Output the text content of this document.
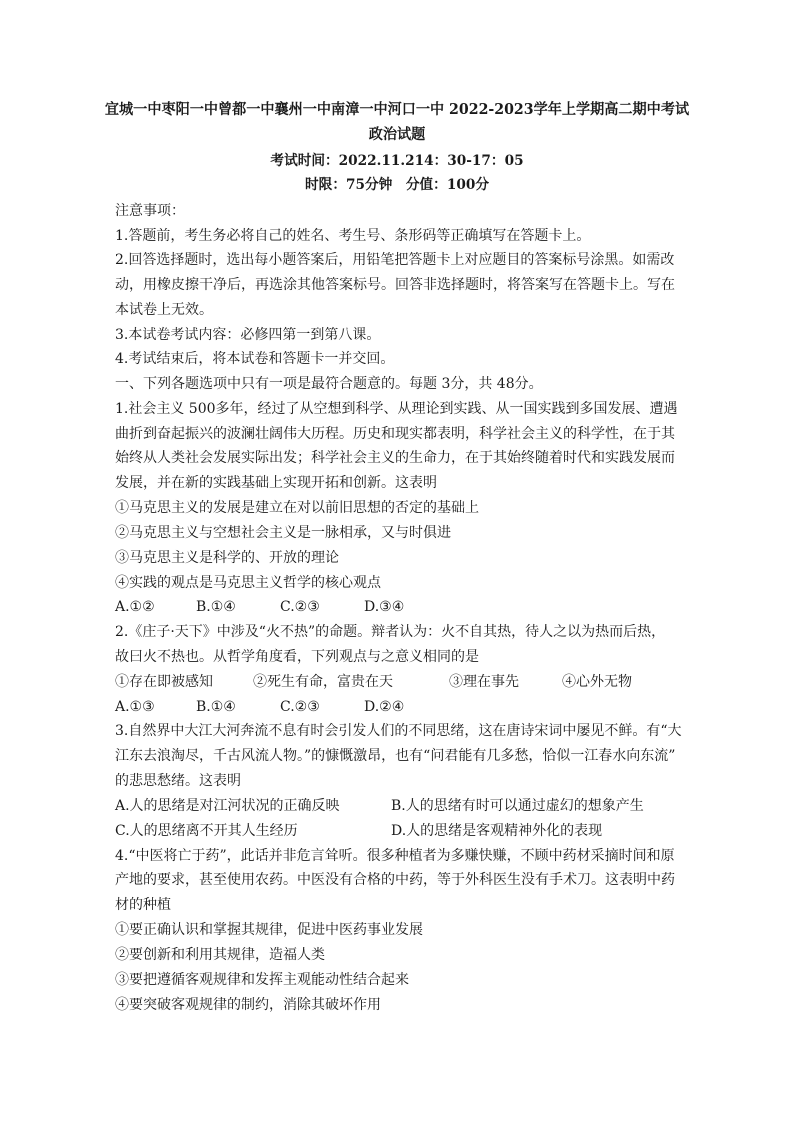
宜城一中枣阳一中曾都一中襄州一中南漳一中河口一中 2022-2023学年上学期高二期中考试
政治试题
考试时间：2022.11.214：30-17：05
时限：75分钟　分值：100分
注意事项：
1.答题前，考生务必将自己的姓名、考生号、条形码等正确填写在答题卡上。
2.回答选择题时，选出每小题答案后，用铅笔把答题卡上对应题目的答案标号涂黑。如需改
动，用橡皮擦干净后，再选涂其他答案标号。回答非选择题时，将答案写在答题卡上。写在
本试卷上无效。
3.本试卷考试内容：必修四第一到第八课。
4.考试结束后，将本试卷和答题卡一并交回。
一、下列各题选项中只有一项是最符合题意的。每题 3分，共 48分。
1.社会主义 500多年，经过了从空想到科学、从理论到实践、从一国实践到多国发展、遭遇
曲折到奋起振兴的波澜壮阔伟大历程。历史和现实都表明，科学社会主义的科学性，在于其
始终从人类社会发展实际出发；科学社会主义的生命力，在于其始终随着时代和实践发展而
发展，并在新的实践基础上实现开拓和创新。这表明
①马克思主义的发展是建立在对以前旧思想的否定的基础上
②马克思主义与空想社会主义是一脉相承，又与时俱进
③马克思主义是科学的、开放的理论
④实践的观点是马克思主义哲学的核心观点
A.①②	B.①④	C.②③	D.③④
2.《庄子·天下》中涉及“火不热”的命题。辩者认为：火不自其热，待人之以为热而后热，
故曰火不热也。从哲学角度看，下列观点与之意义相同的是
①存在即被感知	②死生有命，富贵在天	③理在事先	④心外无物
A.①③	B.①④	C.②③	D.②④
3.自然界中大江大河奔流不息有时会引发人们的不同思绪，这在唐诗宋词中屡见不鲜。有“大
江东去浪淘尽，千古风流人物。”的慷慨激昂，也有“问君能有几多愁，恰似一江春水向东流”
的悲思愁绪。这表明
A.人的思绪是对江河状况的正确反映	B.人的思绪有时可以通过虚幻的想象产生
C.人的思绪离不开其人生经历	D.人的思绪是客观精神外化的表现
4.“中医将亡于药”，此话并非危言耸听。很多种植者为多赚快赚，不顾中药材采摘时间和原
产地的要求，甚至使用农药。中医没有合格的中药，等于外科医生没有手术刀。这表明中药
材的种植
①要正确认识和掌握其规律，促进中医药事业发展
②要创新和利用其规律，造福人类
③要把遵循客观规律和发挥主观能动性结合起来
④要突破客观规律的制约，消除其破坏作用
